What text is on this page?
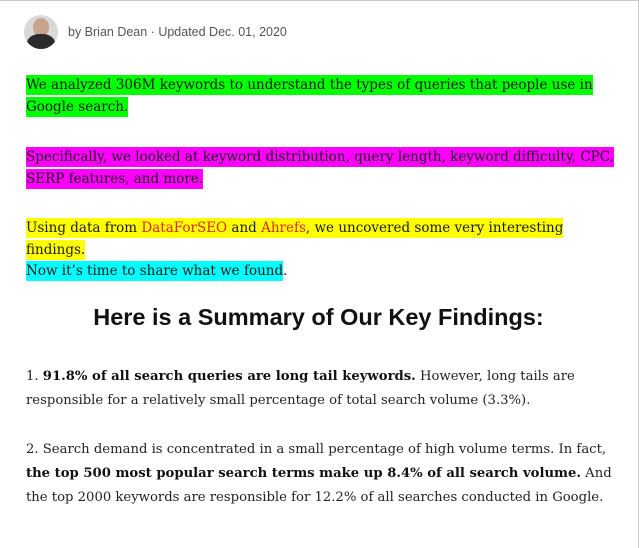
by Brian Dean · Updated Dec. 01, 2020

We analyzed 306M keywords to understand the types of queries that people use in Google search.

Specifically, we looked at keyword distribution, query length, keyword difficulty, CPC, SERP features, and more.

Using data from DataForSEO and Ahrefs, we uncovered some very interesting findings.

Now it’s time to share what we found.

Here is a Summary of Our Key Findings:

1. 91.8% of all search queries are long tail keywords. However, long tails are responsible for a relatively small percentage of total search volume (3.3%).

2. Search demand is concentrated in a small percentage of high volume terms. In fact, the top 500 most popular search terms make up 8.4% of all search volume. And the top 2000 keywords are responsible for 12.2% of all searches conducted in Google.
